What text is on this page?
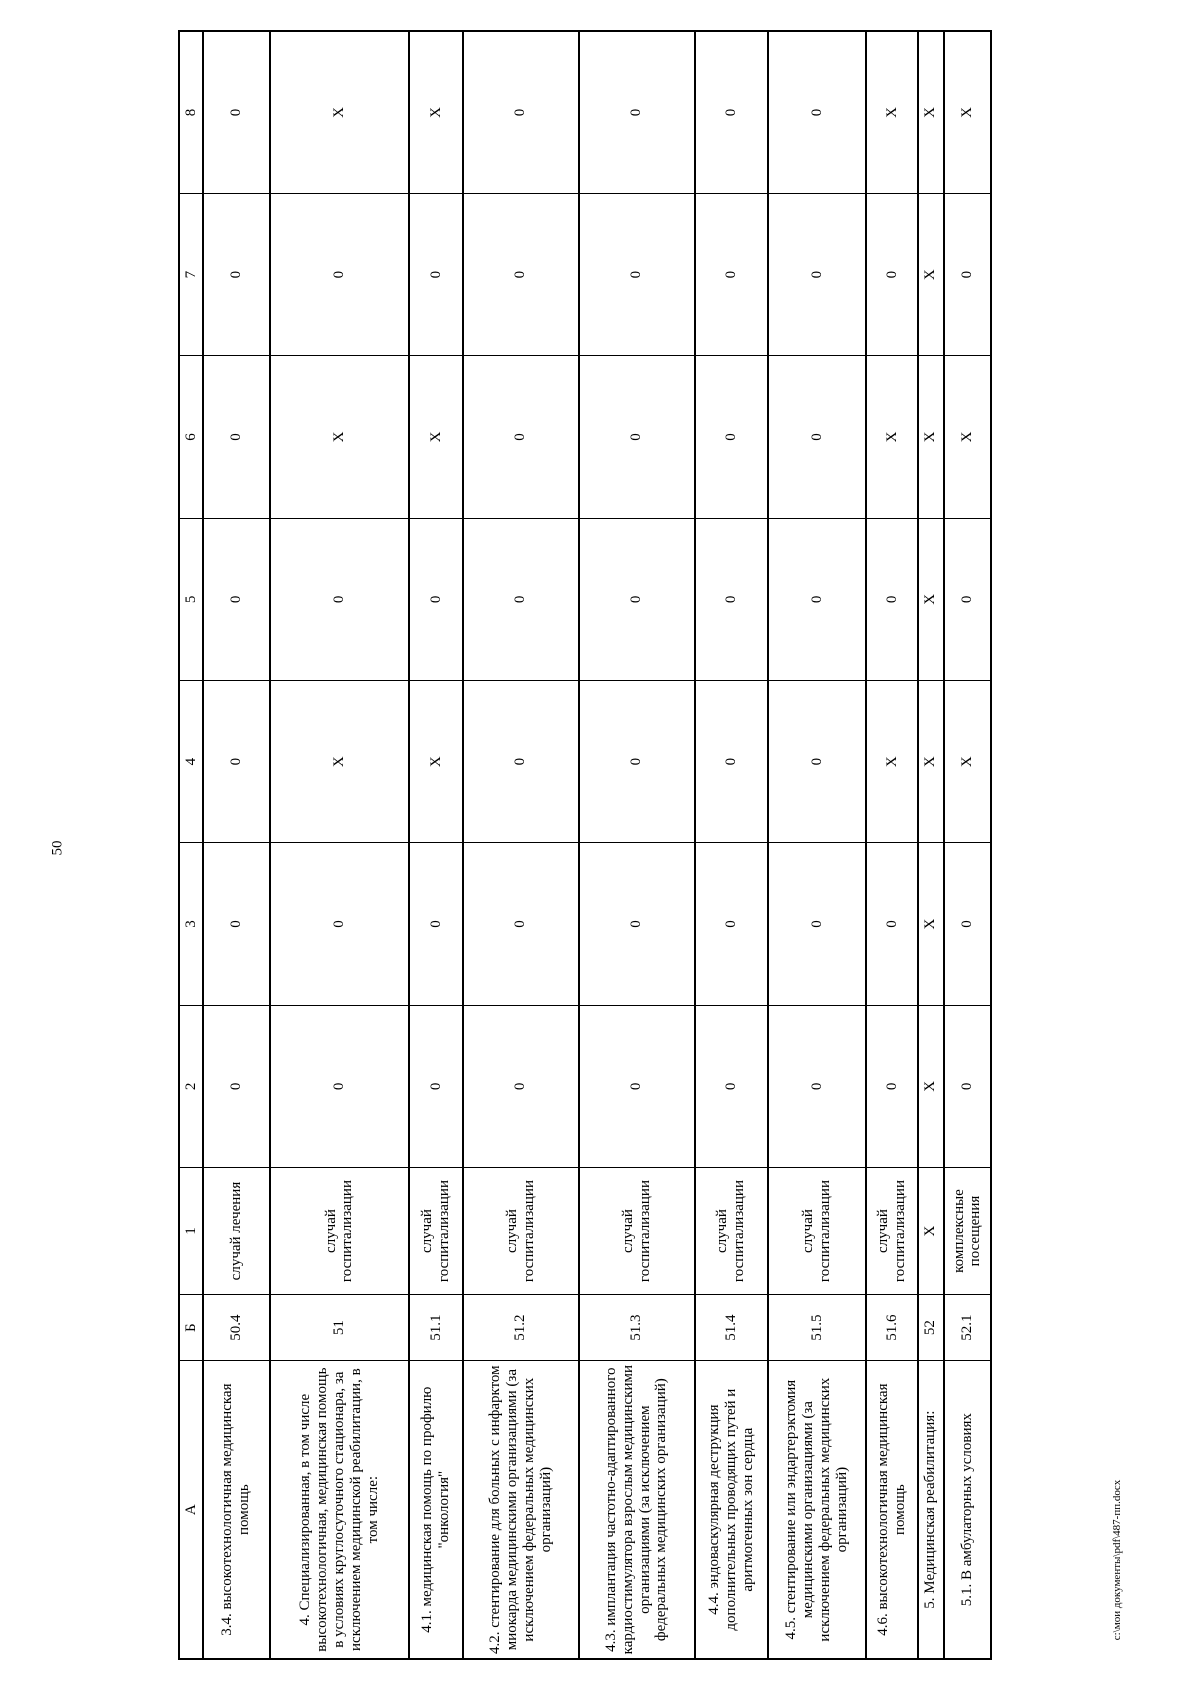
50
А	Б	1	2	3	4	5	6	7	8
3.4. высокотехнологичная медицинская помощь	50.4	случай лечения	0	0	0	0	0	0	0
4. Специализированная, в том числе высокотехнологичная, медицинская помощь в условиях круглосуточного стационара, за исключением медицинской реабилитации, в том числе:	51	случай госпитализации	0	0	X	0	X	0	X
4.1. медицинская помощь по профилю "онкология"	51.1	случай госпитализации	0	0	X	0	X	0	X
4.2. стентирование для больных с инфарктом миокарда медицинскими организациями (за исключением федеральных медицинских организаций)	51.2	случай госпитализации	0	0	0	0	0	0	0
4.3. имплантация частотно-адаптированного кардиостимулятора взрослым медицинскими организациями (за исключением федеральных медицинских организаций)	51.3	случай госпитализации	0	0	0	0	0	0	0
4.4. эндоваскулярная деструкция дополнительных проводящих путей и аритмогенных зон сердца	51.4	случай госпитализации	0	0	0	0	0	0	0
4.5. стентирование или эндартерэктомия медицинскими организациями (за исключением федеральных медицинских организаций)	51.5	случай госпитализации	0	0	0	0	0	0	0
4.6. высокотехнологичная медицинская помощь	51.6	случай госпитализации	0	0	X	0	X	0	X
5. Медицинская реабилитация:	52	X	X	X	X	X	X	X	X
5.1. В амбулаторных условиях	52.1	комплексные посещения	0	0	X	0	X	0	X
c:\мои документы\pdf\487-пп.docx
